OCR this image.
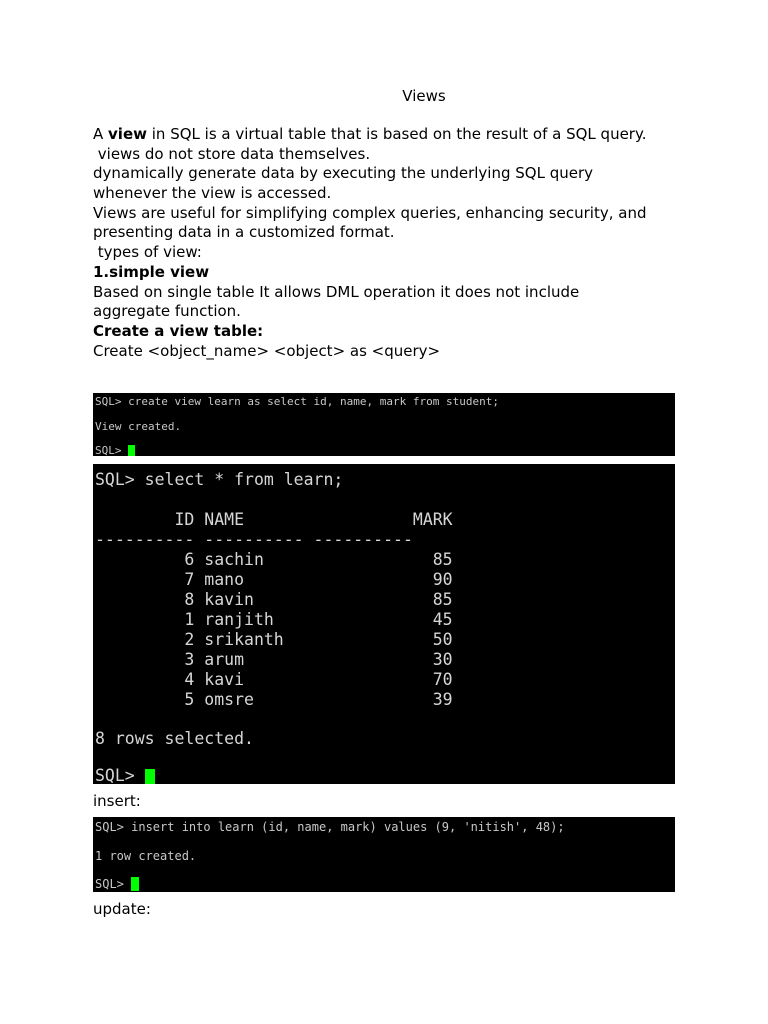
Views
A view in SQL is a virtual table that is based on the result of a SQL query.
views do not store data themselves.
dynamically generate data by executing the underlying SQL query
whenever the view is accessed.
Views are useful for simplifying complex queries, enhancing security, and
presenting data in a customized format.
types of view:
1.simple view
Based on single table It allows DML operation it does not include
aggregate function.
Create a view table:
Create <object_name> <object> as <query>
SQL> create view learn as select id, name, mark from student;
View created.
SQL>
SQL> select * from learn;
ID NAME                 MARK
---------- ---------- ----------
6 sachin                 85
7 mano                   90
8 kavin                  85
1 ranjith                45
2 srikanth               50
3 arum                   30
4 kavi                   70
5 omsre                  39
8 rows selected.
SQL>
insert:
SQL> insert into learn (id, name, mark) values (9, 'nitish', 48);
1 row created.
SQL>
update:
